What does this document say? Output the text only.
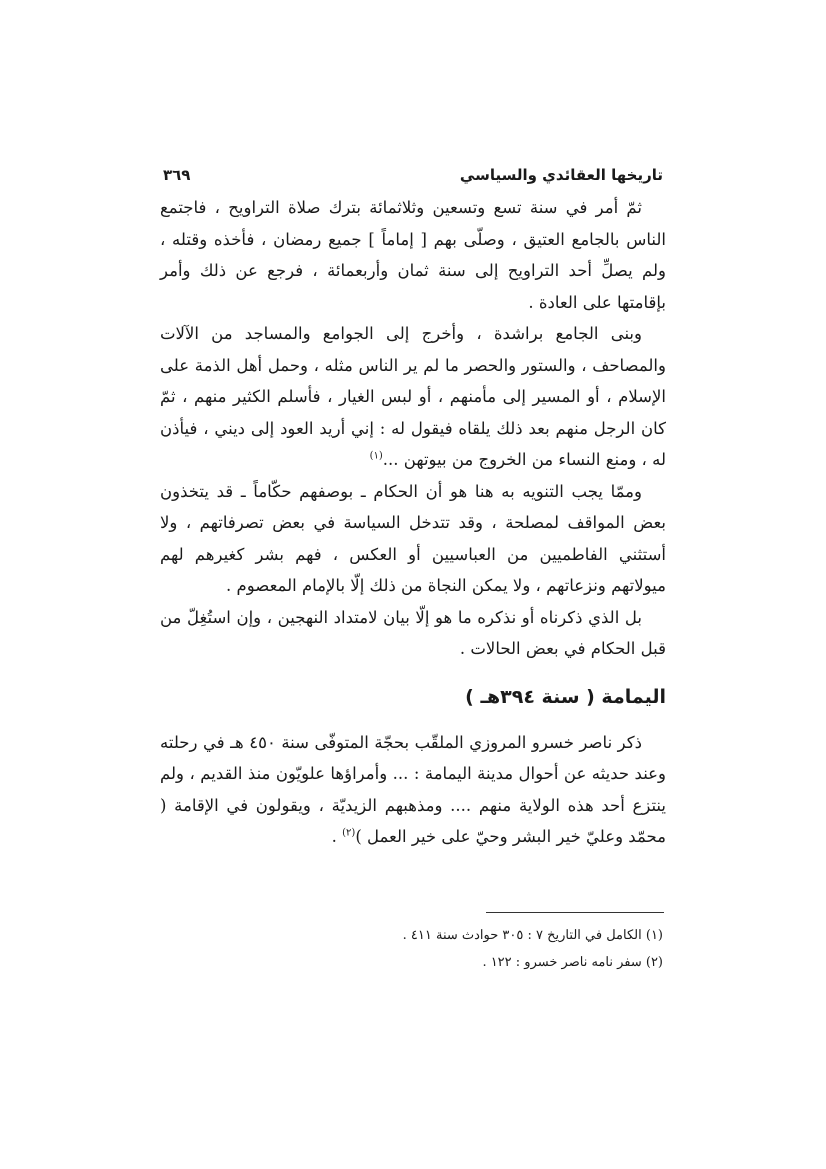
تاريخها العقائدي والسياسي
٣٦٩

ثمّ أمر في سنة تسع وتسعين وثلاثمائة بترك صلاة التراويح ، فاجتمع الناس بالجامع العتيق ، وصلّى بهم [ إماماً ] جميع رمضان ، فأخذه وقتله ، ولم يصلِّ أحد التراويح إلى سنة ثمان وأربعمائة ، فرجع عن ذلك وأمر بإقامتها على العادة .

وبنى الجامع براشدة ، وأخرج إلى الجوامع والمساجد من الآلات والمصاحف ، والستور والحصر ما لم ير الناس مثله ، وحمل أهل الذمة على الإسلام ، أو المسير إلى مأمنهم ، أو لبس الغيار ، فأسلم الكثير منهم ، ثمّ كان الرجل منهم بعد ذلك يلقاه فيقول له : إني أريد العود إلى ديني ، فيأذن له ، ومنع النساء من الخروج من بيوتهن ...$^{(١)}$

وممّا يجب التنويه به هنا هو أن الحكام ـ بوصفهم حكّاماً ـ قد يتخذون بعض المواقف لمصلحة ، وقد تتدخل السياسة في بعض تصرفاتهم ، ولا أستثني الفاطميين من العباسيين أو العكس ، فهم بشر كغيرهم لهم ميولاتهم ونزعاتهم ، ولا يمكن النجاة من ذلك إلّا بالإمام المعصوم .

بل الذي ذكرناه أو نذكره ما هو إلّا بيان لامتداد النهجين ، وإن استُغِلّ من قبل الحكام في بعض الحالات .

اليمامة ( سنة ٣٩٤هـ )

ذكر ناصر خسرو المروزي الملقّب بحجّة المتوفّى سنة ٤٥٠ هـ في رحلته وعند حديثه عن أحوال مدينة اليمامة : ... وأمراؤها علويّون منذ القديم ، ولم ينتزع أحد هذه الولاية منهم .... ومذهبهم الزيديّة ، ويقولون في الإقامة ( محمّد وعليّ خير البشر وحيّ على خير العمل )$^{(٢)}$ .

(١) الكامل في التاريخ ٧ : ٣٠٥ حوادث سنة ٤١١ .
(٢) سفر نامه ناصر خسرو : ١٢٢ .
